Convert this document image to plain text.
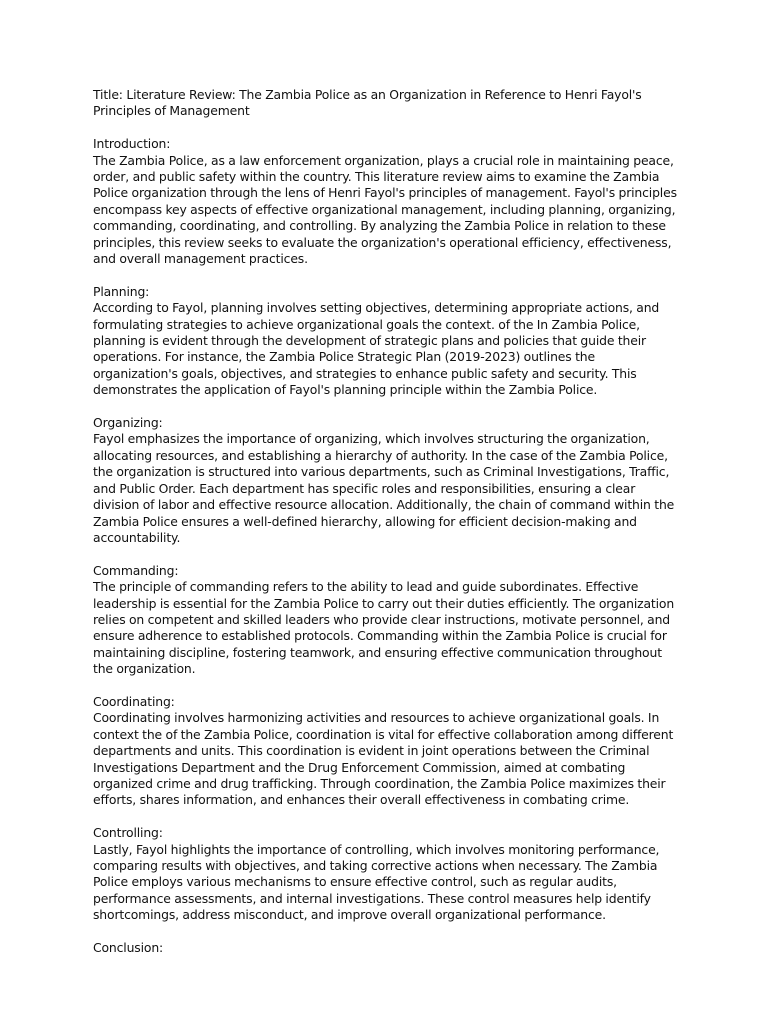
Title: Literature Review: The Zambia Police as an Organization in Reference to Henri Fayol's Principles of Management

Introduction:
The Zambia Police, as a law enforcement organization, plays a crucial role in maintaining peace, order, and public safety within the country. This literature review aims to examine the Zambia Police organization through the lens of Henri Fayol's principles of management. Fayol's principles encompass key aspects of effective organizational management, including planning, organizing, commanding, coordinating, and controlling. By analyzing the Zambia Police in relation to these principles, this review seeks to evaluate the organization's operational efficiency, effectiveness, and overall management practices.
Planning:
According to Fayol, planning involves setting objectives, determining appropriate actions, and formulating strategies to achieve organizational goals the context. of the In Zambia Police, planning is evident through the development of strategic plans and policies that guide their operations. For instance, the Zambia Police Strategic Plan (2019-2023) outlines the organization's goals, objectives, and strategies to enhance public safety and security. This demonstrates the application of Fayol's planning principle within the Zambia Police.
Organizing:
Fayol emphasizes the importance of organizing, which involves structuring the organization, allocating resources, and establishing a hierarchy of authority. In the case of the Zambia Police, the organization is structured into various departments, such as Criminal Investigations, Traffic, and Public Order. Each department has specific roles and responsibilities, ensuring a clear division of labor and effective resource allocation. Additionally, the chain of command within the Zambia Police ensures a well-defined hierarchy, allowing for efficient decision-making and accountability.
Commanding:
The principle of commanding refers to the ability to lead and guide subordinates. Effective leadership is essential for the Zambia Police to carry out their duties efficiently. The organization relies on competent and skilled leaders who provide clear instructions, motivate personnel, and ensure adherence to established protocols. Commanding within the Zambia Police is crucial for maintaining discipline, fostering teamwork, and ensuring effective communication throughout the organization.
Coordinating:
Coordinating involves harmonizing activities and resources to achieve organizational goals. In context the of the Zambia Police, coordination is vital for effective collaboration among different departments and units. This coordination is evident in joint operations between the Criminal Investigations Department and the Drug Enforcement Commission, aimed at combating organized crime and drug trafficking. Through coordination, the Zambia Police maximizes their efforts, shares information, and enhances their overall effectiveness in combating crime.
Controlling:
Lastly, Fayol highlights the importance of controlling, which involves monitoring performance, comparing results with objectives, and taking corrective actions when necessary. The Zambia Police employs various mechanisms to ensure effective control, such as regular audits, performance assessments, and internal investigations. These control measures help identify shortcomings, address misconduct, and improve overall organizational performance.
Conclusion:
